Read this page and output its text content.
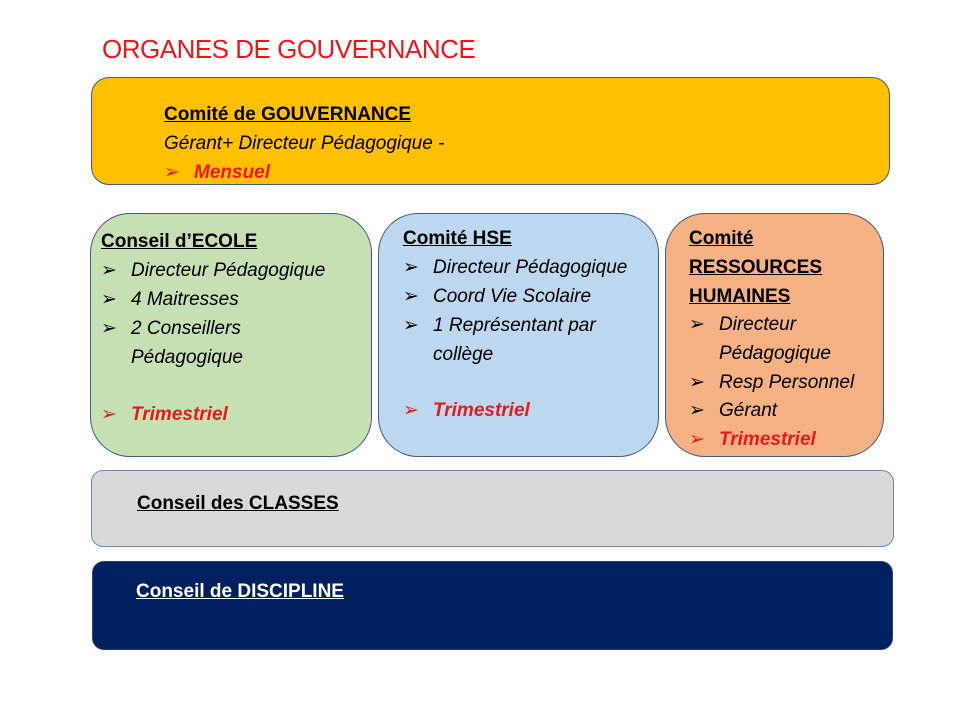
ORGANES DE GOUVERNANCE
Comité de GOUVERNANCE
Gérant+ Directeur Pédagogique -
➢ Mensuel
Conseil d’ECOLE
➢ Directeur Pédagogique
➢ 4 Maitresses
➢ 2 Conseillers
Pédagogique
➢ Trimestriel
Comité HSE
➢ Directeur Pédagogique
➢ Coord Vie Scolaire
➢ 1 Représentant par
collège
➢ Trimestriel
Comité
RESSOURCES
HUMAINES
➢ Directeur
Pédagogique
➢ Resp Personnel
➢ Gérant
➢ Trimestriel
Conseil des CLASSES
Conseil de DISCIPLINE
